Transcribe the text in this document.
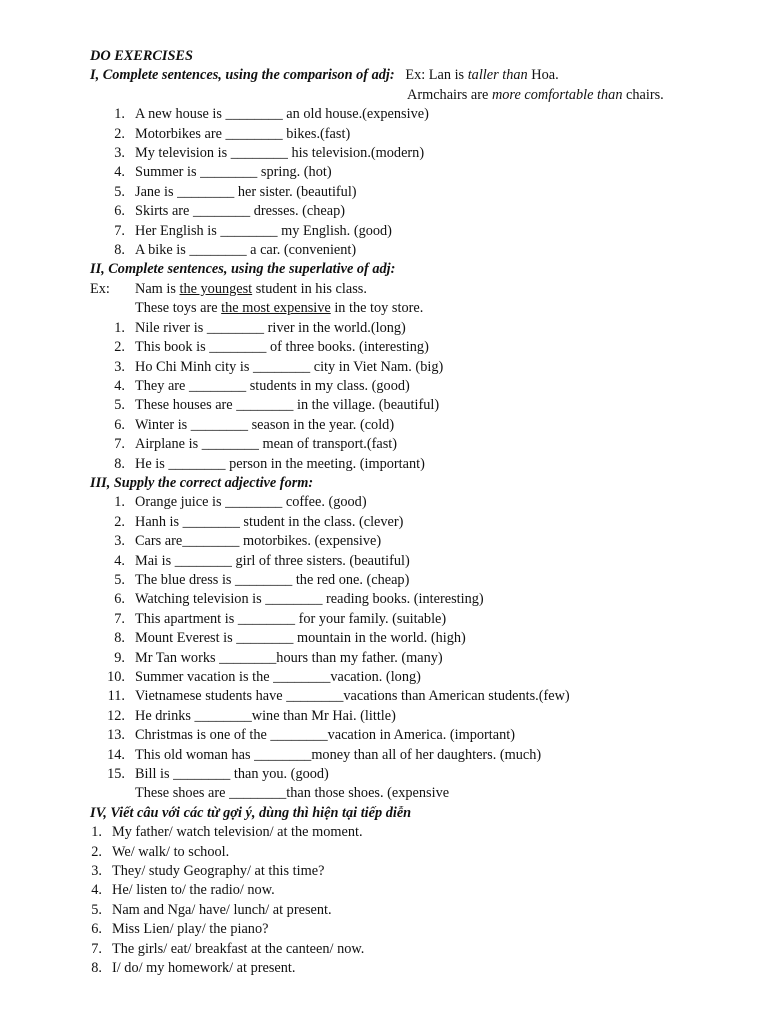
DO EXERCISES
I, Complete sentences, using the comparison of adj: Ex: Lan is taller than Hoa.
Armchairs are more comfortable than chairs.
1. A new house is ________ an old house.(expensive)
2. Motorbikes are ________ bikes.(fast)
3. My television is ________ his television.(modern)
4. Summer is ________ spring. (hot)
5. Jane is ________ her sister. (beautiful)
6. Skirts are ________ dresses. (cheap)
7. Her English is ________ my English. (good)
8. A bike is ________ a car. (convenient)
II, Complete sentences, using the superlative of adj:
Ex: Nam is the youngest student in his class.
These toys are the most expensive in the toy store.
1. Nile river is ________ river in the world.(long)
2. This book is ________ of three books. (interesting)
3. Ho Chi Minh city is ________ city in Viet Nam. (big)
4. They are ________ students in my class. (good)
5. These houses are ________ in the village. (beautiful)
6. Winter is ________ season in the year. (cold)
7. Airplane is ________ mean of transport.(fast)
8. He is ________ person in the meeting. (important)
III, Supply the correct adjective form:
1. Orange juice is ________ coffee. (good)
2. Hanh is ________ student in the class. (clever)
3. Cars are________ motorbikes. (expensive)
4. Mai is ________ girl of three sisters. (beautiful)
5. The blue dress is ________ the red one. (cheap)
6. Watching television is ________ reading books. (interesting)
7. This apartment is ________ for your family. (suitable)
8. Mount Everest is ________ mountain in the world. (high)
9. Mr Tan works ________hours than my father. (many)
10. Summer vacation is the ________vacation. (long)
11. Vietnamese students have ________vacations than American students.(few)
12. He drinks ________wine than Mr Hai. (little)
13. Christmas is one of the ________vacation in America. (important)
14. This old woman has ________money than all of her daughters. (much)
15. Bill is ________ than you. (good)
These shoes are ________than those shoes. (expensive
IV, Viết câu với các từ gợi ý, dùng thì hiện tại tiếp diễn
1. My father/ watch television/ at the moment.
2. We/ walk/ to school.
3. They/ study Geography/ at this time?
4. He/ listen to/ the radio/ now.
5. Nam and Nga/ have/ lunch/ at present.
6. Miss Lien/ play/ the piano?
7. The girls/ eat/ breakfast at the canteen/ now.
8. I/ do/ my homework/ at present.
